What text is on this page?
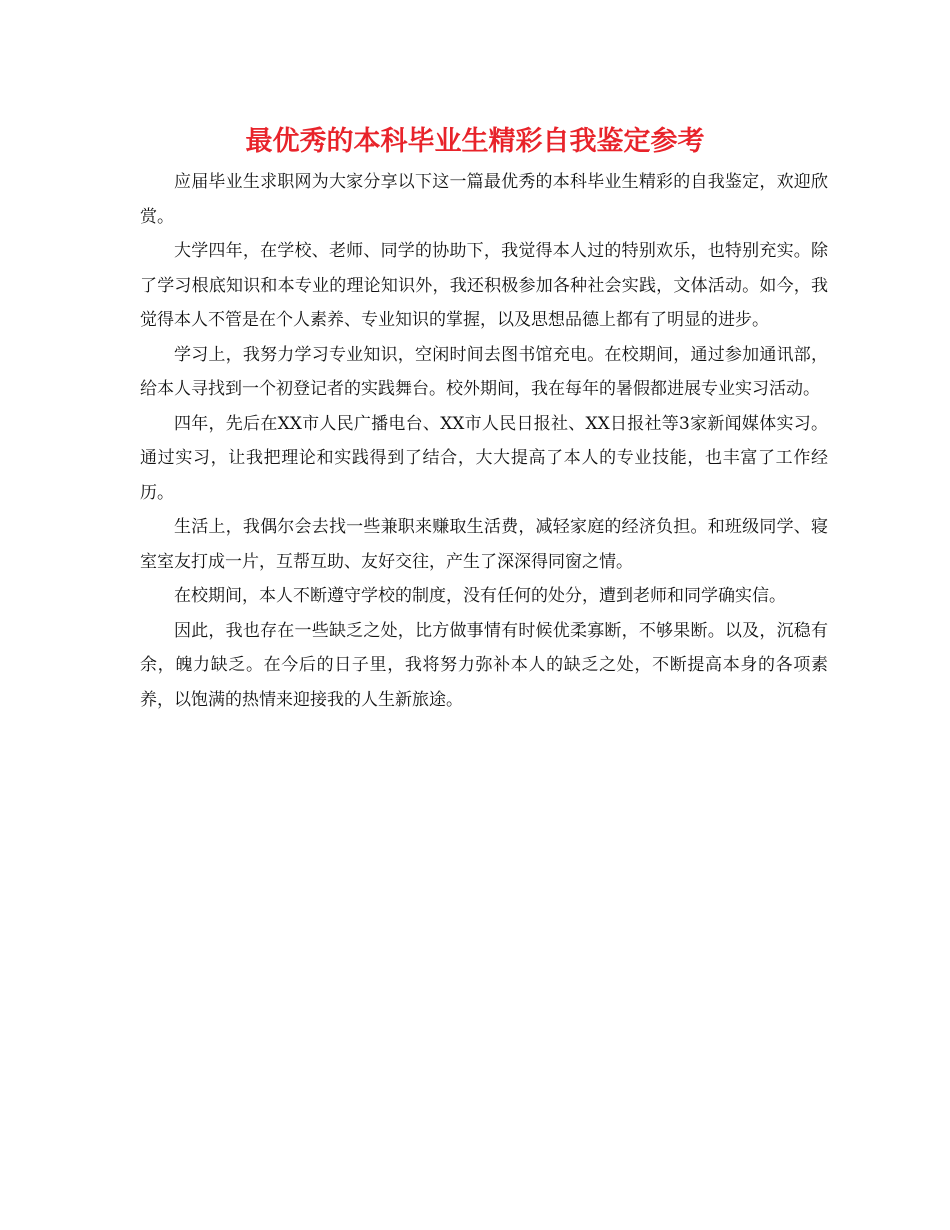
最优秀的本科毕业生精彩自我鉴定参考

应届毕业生求职网为大家分享以下这一篇最优秀的本科毕业生精彩的自我鉴定，欢迎欣赏。

大学四年，在学校、老师、同学的协助下，我觉得本人过的特别欢乐，也特别充实。除了学习根底知识和本专业的理论知识外，我还积极参加各种社会实践，文体活动。如今，我觉得本人不管是在个人素养、专业知识的掌握，以及思想品德上都有了明显的进步。

学习上，我努力学习专业知识，空闲时间去图书馆充电。在校期间，通过参加通讯部，给本人寻找到一个初登记者的实践舞台。校外期间，我在每年的暑假都进展专业实习活动。

四年，先后在XX市人民广播电台、XX市人民日报社、XX日报社等3家新闻媒体实习。通过实习，让我把理论和实践得到了结合，大大提高了本人的专业技能，也丰富了工作经历。

生活上，我偶尔会去找一些兼职来赚取生活费，减轻家庭的经济负担。和班级同学、寝室室友打成一片，互帮互助、友好交往，产生了深深得同窗之情。

在校期间，本人不断遵守学校的制度，没有任何的处分，遭到老师和同学确实信。

因此，我也存在一些缺乏之处，比方做事情有时候优柔寡断，不够果断。以及，沉稳有余，魄力缺乏。在今后的日子里，我将努力弥补本人的缺乏之处，不断提高本身的各项素养，以饱满的热情来迎接我的人生新旅途。
